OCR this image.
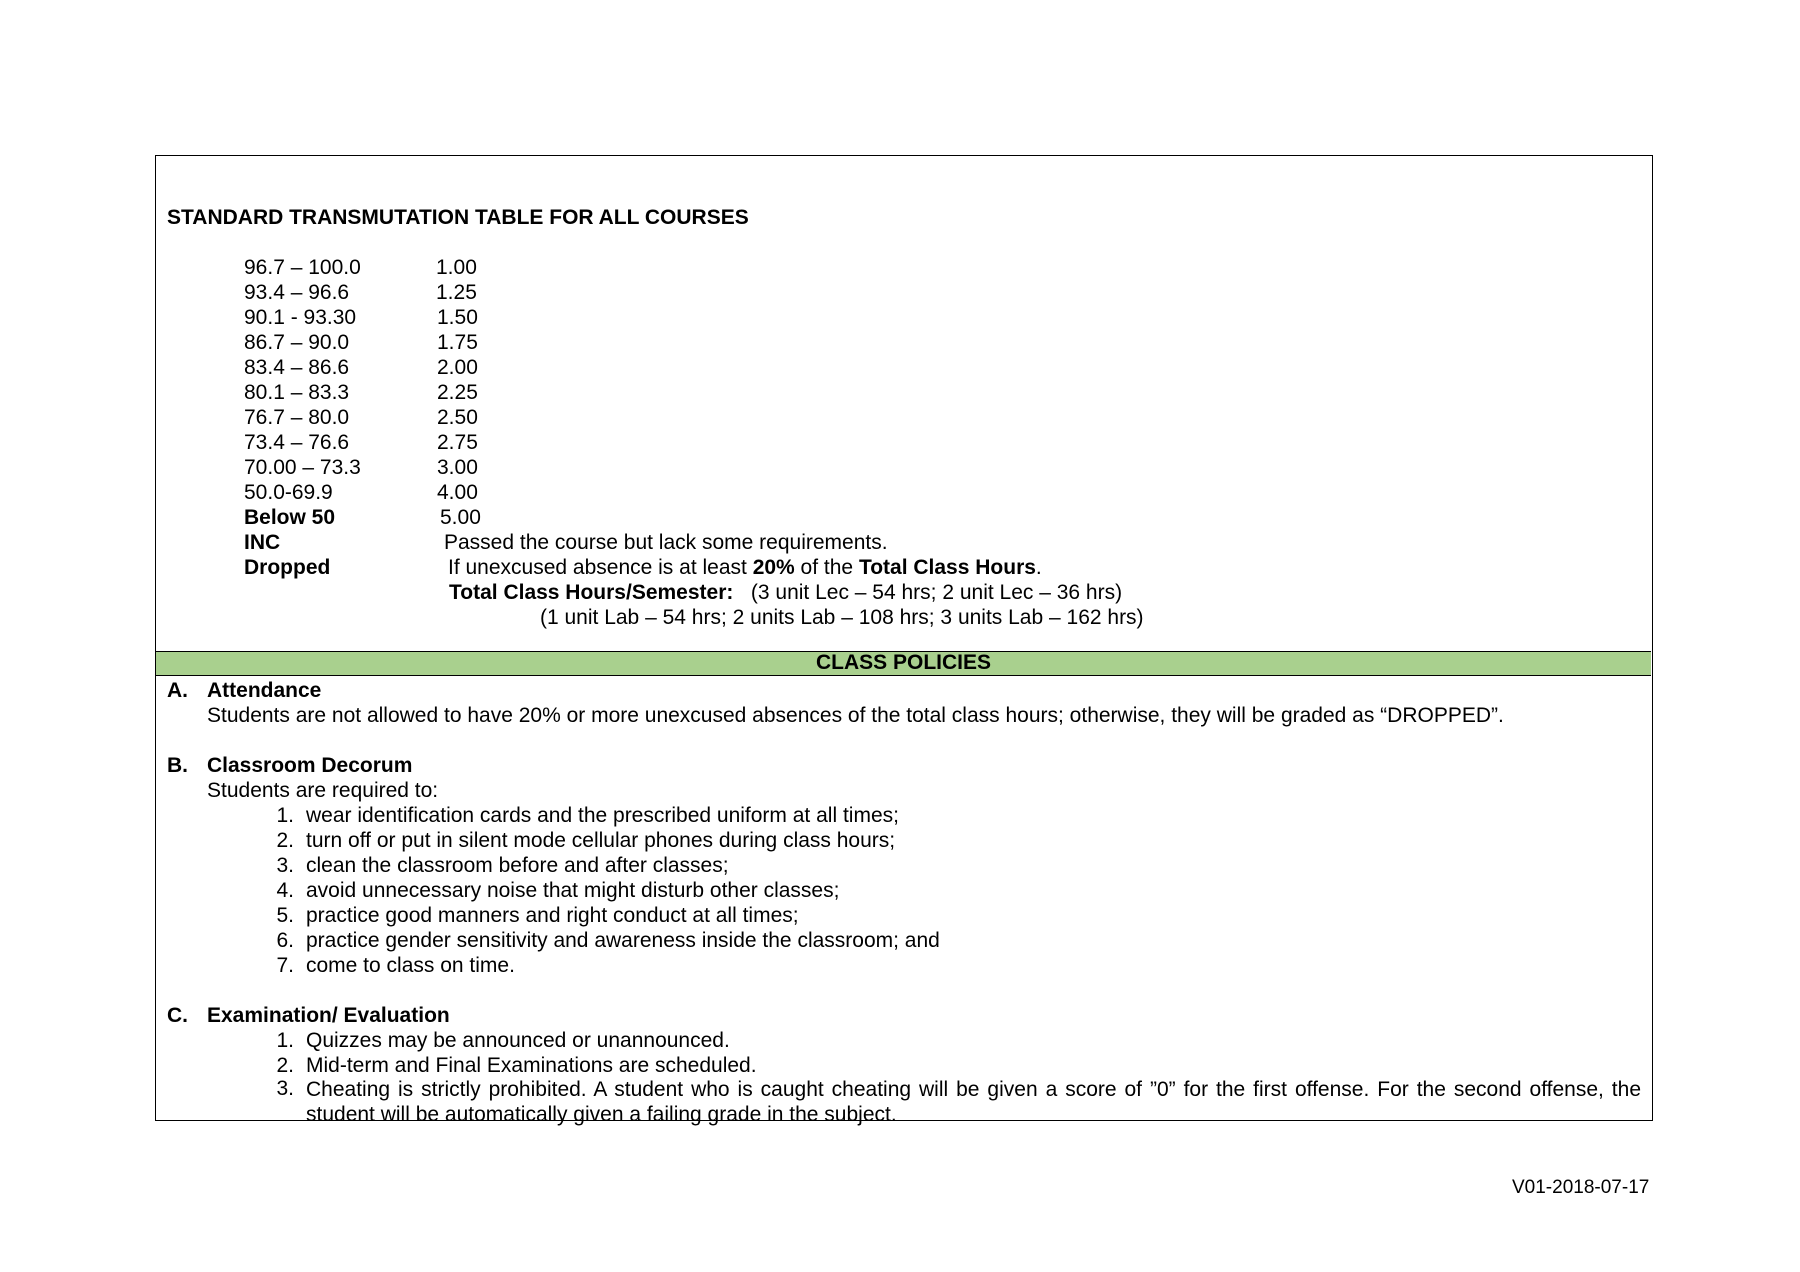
STANDARD TRANSMUTATION TABLE FOR ALL COURSES
96.7 – 100.0	1.00
93.4 – 96.6	1.25
90.1 - 93.30	1.50
86.7 – 90.0	1.75
83.4 – 86.6	2.00
80.1 – 83.3	2.25
76.7 – 80.0	2.50
73.4 – 76.6	2.75
70.00 – 73.3	3.00
50.0-69.9	4.00
Below 50	5.00
INC	Passed the course but lack some requirements.
Dropped	If unexcused absence is at least 20% of the Total Class Hours.
Total Class Hours/Semester: (3 unit Lec – 54 hrs; 2 unit Lec – 36 hrs)
(1 unit Lab – 54 hrs; 2 units Lab – 108 hrs; 3 units Lab – 162 hrs)
CLASS POLICIES
A. Attendance
Students are not allowed to have 20% or more unexcused absences of the total class hours; otherwise, they will be graded as “DROPPED”.
B. Classroom Decorum
Students are required to:
1. wear identification cards and the prescribed uniform at all times;
2. turn off or put in silent mode cellular phones during class hours;
3. clean the classroom before and after classes;
4. avoid unnecessary noise that might disturb other classes;
5. practice good manners and right conduct at all times;
6. practice gender sensitivity and awareness inside the classroom; and
7. come to class on time.
C. Examination/ Evaluation
1. Quizzes may be announced or unannounced.
2. Mid-term and Final Examinations are scheduled.
3. Cheating is strictly prohibited. A student who is caught cheating will be given a score of ”0” for the first offense. For the second offense, the student will be automatically given a failing grade in the subject.
V01-2018-07-17
